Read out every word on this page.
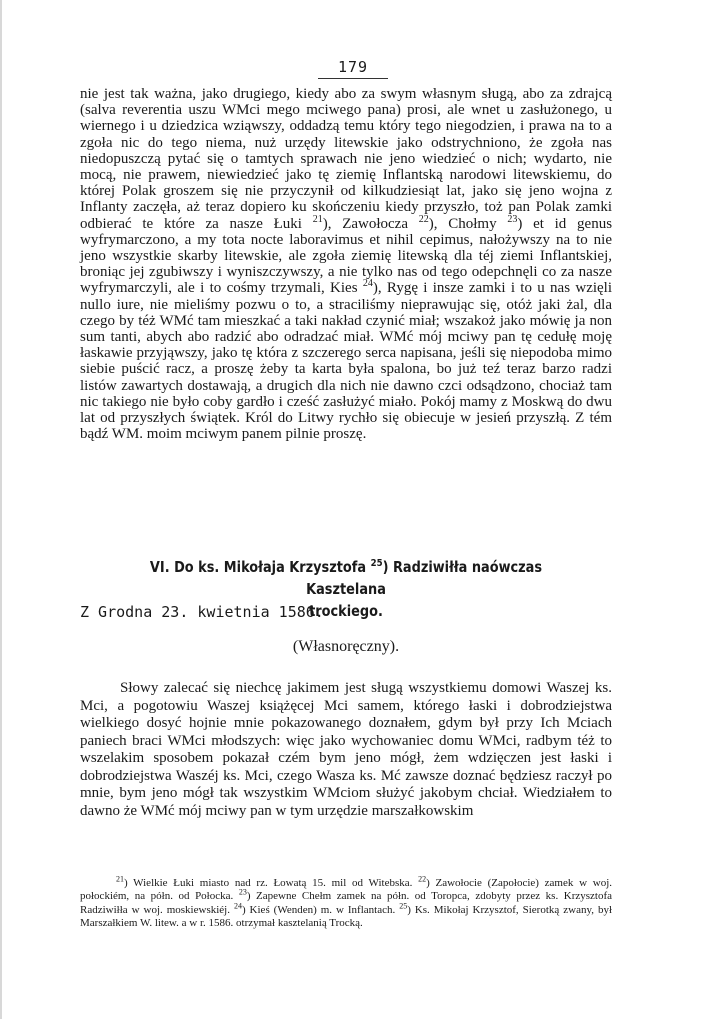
179

nie jest tak ważna, jako drugiego, kiedy abo za swym własnym sługą, abo za zdrajcą (salva reverentia uszu WMci mego mciwego pana) prosi, ale wnet u zasłużonego, u wiernego i u dziedzica wziąwszy, oddadzą temu który tego niegodzien, i prawa na to a zgoła nic do tego niema, nuż urzędy litewskie jako odstrychniono, że zgoła nas niedopuszczą pytać się o tamtych sprawach nie jeno wiedzieć o nich; wydarto, nie mocą, nie prawem, niewiedzieć jako tę ziemię Inflantską narodowi litewskiemu, do której Polak groszem się nie przyczynił od kilkudziesiąt lat, jako się jeno wojna z Inflanty zaczęła, aż teraz dopiero ku skończeniu kiedy przyszło, toż pan Polak zamki odbierać te które za nasze Łuki $^{21}$), Zawołocza $^{22}$), Chołmy $^{23}$) et id genus wyfrymarczono, a my tota nocte laboravimus et nihil cepimus, nałożywszy na to nie jeno wszystkie skarby litewskie, ale zgoła ziemię litewską dla téj ziemi Inflantskiej, broniąc jej zgubiwszy i wyniszczywszy, a nie tylko nas od tego odepchnęli co za nasze wyfrymarczyli, ale i to cośmy trzymali, Kies $^{24}$), Rygę i insze zamki i to u nas wzięli nullo iure, nie mieliśmy pozwu o to, a straciliśmy nieprawując się, otóż jaki żal, dla czego by téż WMć tam mieszkać a taki nakład czynić miał; wszakoż jako mówię ja non sum tanti, abych abo radzić abo odradzać miał. WMć mój mciwy pan tę cedułę moję łaskawie przyjąwszy, jako tę która z szczerego serca napisana, jeśli się niepodoba mimo siebie puścić racz, a proszę żeby ta karta była spalona, bo już teź teraz barzo radzi listów zawartych dostawają, a drugich dla nich nie dawno czci odsądzono, chociaż tam nic takiego nie było coby gardło i cześć zasłużyć miało. Pokój mamy z Moskwą do dwu lat od przyszłych świątek. Król do Litwy rychło się obiecuje w jesień przyszłą. Z tém bądź WM. moim mciwym panem pilnie proszę.

VI. Do ks. Mikołaja Krzysztofa $^{25}$) Radziwiłła naówczas Kasztelana
trockiego.
Z Grodna 23. kwietnia 1586.
(Własnoręczny).

Słowy zalecać się niechcę jakimem jest sługą wszystkiemu domowi Waszej ks. Mci, a pogotowiu Waszej książęcej Mci samem, którego łaski i dobrodziejstwa wielkiego dosyć hojnie mnie pokazowanego doznałem, gdym był przy Ich Mciach paniech braci WMci młodszych: więc jako wychowaniec domu WMci, radbym téż to wszelakim sposobem pokazał czém bym jeno mógł, żem wdzięczen jest łaski i dobrodziejstwa Waszéj ks. Mci, czego Wasza ks. Mć zawsze doznać będziesz raczył po mnie, bym jeno mógł tak wszystkim WMciom służyć jakobym chciał. Wiedziałem to dawno że WMć mój mciwy pan w tym urzędzie marszałkowskim

$^{21}$) Wielkie Łuki miasto nad rz. Łowatą 15. mil od Witebska. $^{22}$) Zawołocie (Zapołocie) zamek w woj. połockiém, na półn. od Połocka. $^{23}$) Zapewne Chełm zamek na półn. od Toropca, zdobyty przez ks. Krzysztofa Radziwiłła w woj. moskiewskiéj. $^{24}$) Kieś (Wenden) m. w Inflantach. $^{25}$) Ks. Mikołaj Krzysztof, Sierotką zwany, był Marszałkiem W. litew. a w r. 1586. otrzymał kasztelanią Trocką.
